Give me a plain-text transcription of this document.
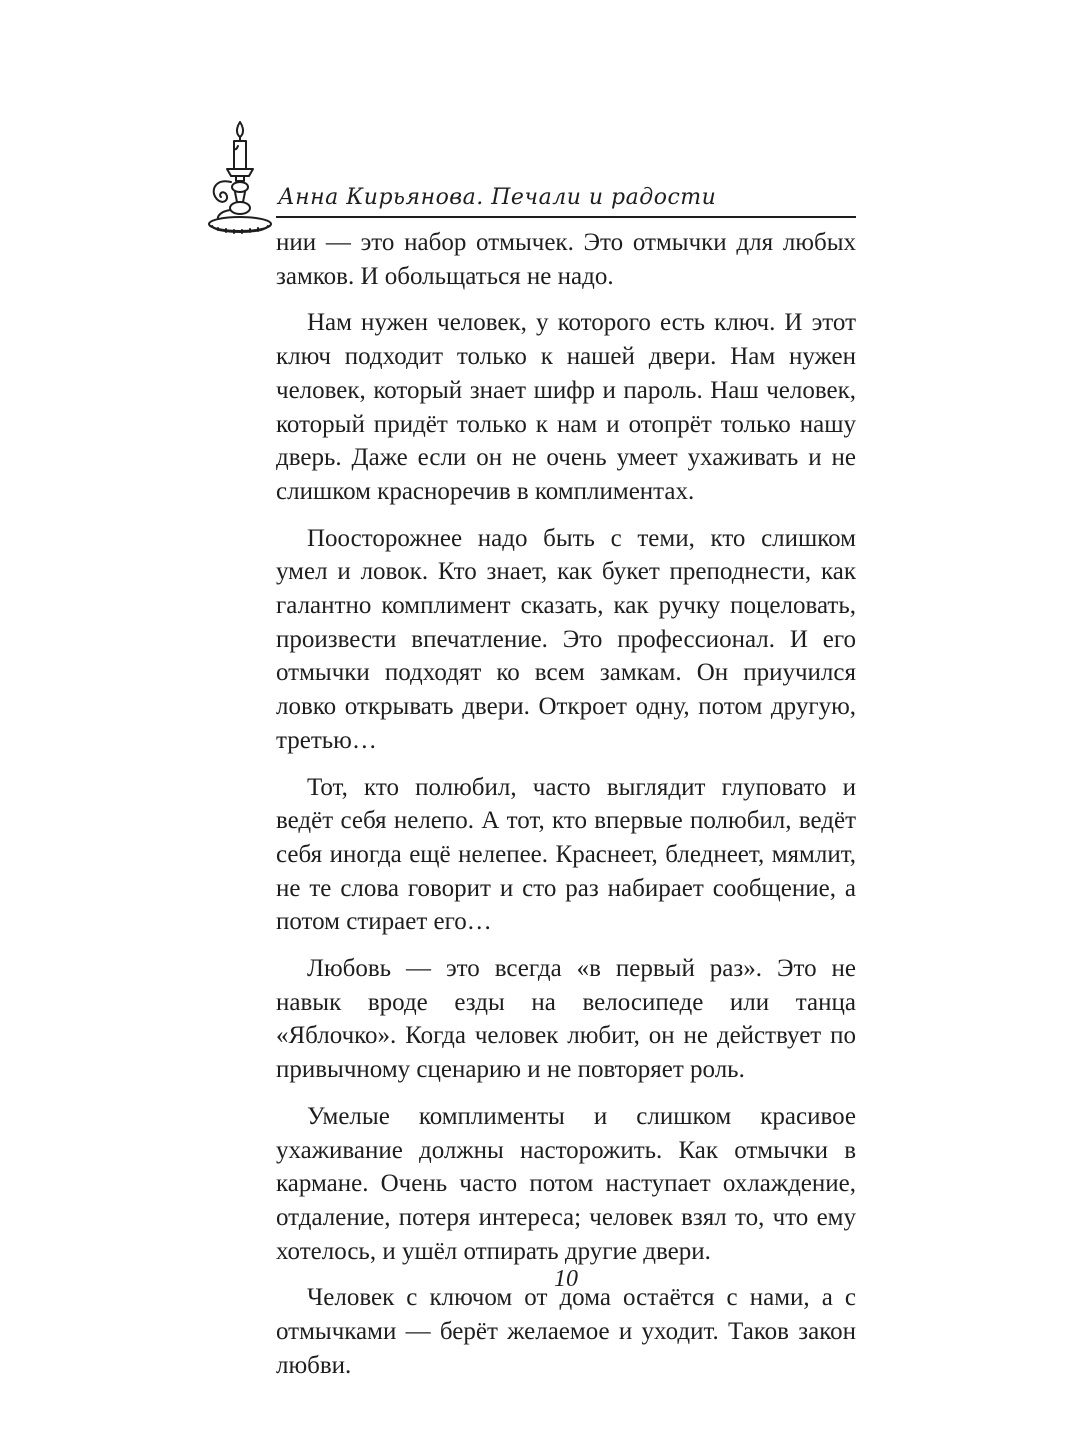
Анна Кирьянова. Печали и радости

нии — это набор отмычек. Это отмычки для любых замков. И обольщаться не надо.

Нам нужен человек, у которого есть ключ. И этот ключ подходит только к нашей двери. Нам нужен человек, который знает шифр и пароль. Наш человек, который придёт только к нам и отопрёт только нашу дверь. Даже если он не очень умеет ухаживать и не слишком красноречив в комплиментах.

Поосторожнее надо быть с теми, кто слишком умел и ловок. Кто знает, как букет преподнести, как галантно комплимент сказать, как ручку поцеловать, произвести впечатление. Это профессионал. И его отмычки подходят ко всем замкам. Он приучился ловко открывать двери. Откроет одну, потом другую, третью…

Тот, кто полюбил, часто выглядит глуповато и ведёт себя нелепо. А тот, кто впервые полюбил, ведёт себя иногда ещё нелепее. Краснеет, бледнеет, мямлит, не те слова говорит и сто раз набирает сообщение, а потом стирает его…

Любовь — это всегда «в первый раз». Это не навык вроде езды на велосипеде или танца «Яблочко». Когда человек любит, он не действует по привычному сценарию и не повторяет роль.

Умелые комплименты и слишком красивое ухаживание должны насторожить. Как отмычки в кармане. Очень часто потом наступает охлаждение, отдаление, потеря интереса; человек взял то, что ему хотелось, и ушёл отпирать другие двери.

Человек с ключом от дома остаётся с нами, а с отмычками — берёт желаемое и уходит. Таков закон любви.

10
